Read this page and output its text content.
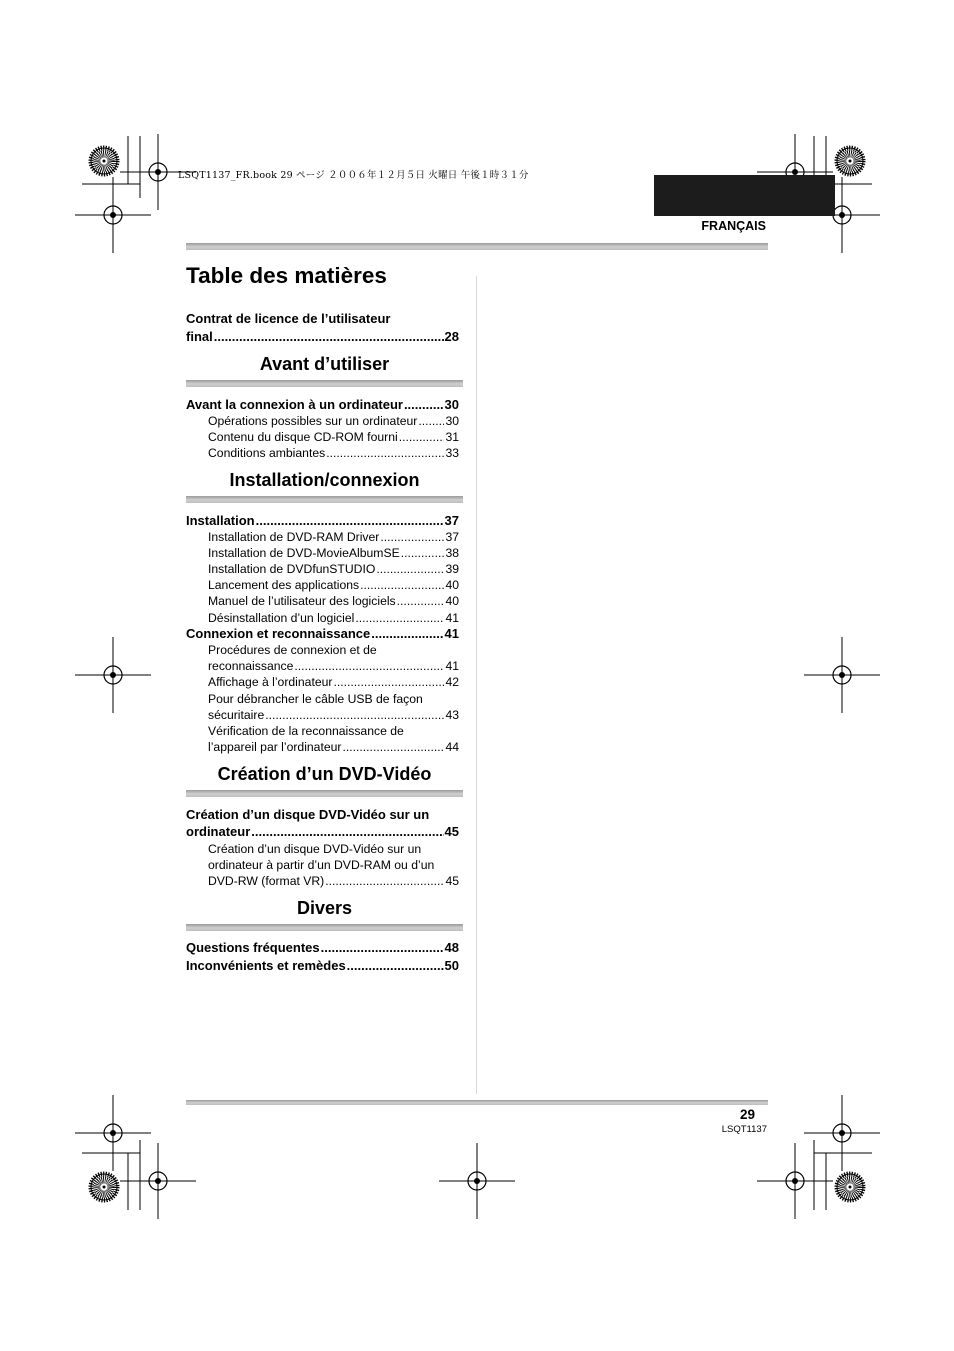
LSQT1137_FR.book 29 ページ ２００６年１２月５日 火曜日 午後１時３１分
FRANÇAIS
Table des matières
Contrat de licence de l’utilisateur
final .....	28
Avant d’utiliser
Avant la connexion à un ordinateur .....	30
Opérations possibles sur un ordinateur ..... 30
Contenu du disque CD-ROM fourni .....	31
Conditions ambiantes .....	33
Installation/connexion
Installation .....	37
Installation de DVD-RAM Driver .....	37
Installation de DVD-MovieAlbumSE .....	38
Installation de DVDfunSTUDIO .....	39
Lancement des applications .....	40
Manuel de l’utilisateur des logiciels .....	40
Désinstallation d’un logiciel .....	41
Connexion et reconnaissance .....	41
Procédures de connexion et de
reconnaissance .....	41
Affichage à l’ordinateur .....	42
Pour débrancher le câble USB de façon
sécuritaire .....	43
Vérification de la reconnaissance de
l’appareil par l’ordinateur .....	44
Création d’un DVD-Vidéo
Création d’un disque DVD-Vidéo sur un
ordinateur .....	45
Création d’un disque DVD-Vidéo sur un
ordinateur à partir d’un DVD-RAM ou d’un
DVD-RW (format VR) .....	45
Divers
Questions fréquentes .....	48
Inconvénients et remèdes .....	50
29
LSQT1137
